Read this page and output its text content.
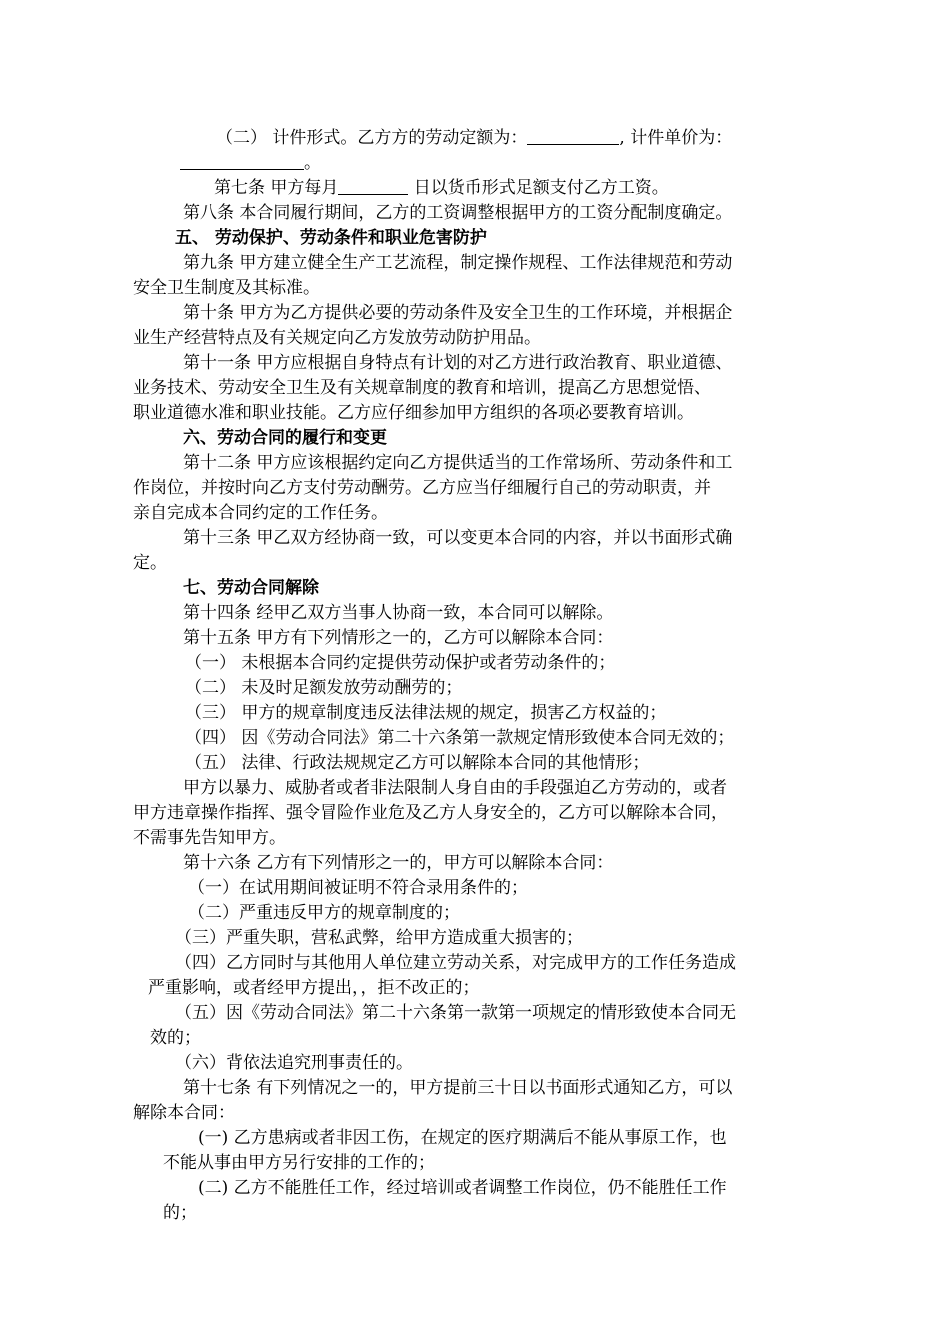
（二） 计件形式。乙方方的劳动定额为：	, 计件单价为：
。
第七条 甲方每月	日以货币形式足额支付乙方工资。
第八条 本合同履行期间，乙方的工资调整根据甲方的工资分配制度确定。
五、 劳动保护、劳动条件和职业危害防护
第九条 甲方建立健全生产工艺流程，制定操作规程、工作法律规范和劳动
安全卫生制度及其标准。
第十条 甲方为乙方提供必要的劳动条件及安全卫生的工作环境，并根据企
业生产经营特点及有关规定向乙方发放劳动防护用品。
第十一条 甲方应根据自身特点有计划的对乙方进行政治教育、职业道德、
业务技术、劳动安全卫生及有关规章制度的教育和培训，提高乙方思想觉悟、
职业道德水准和职业技能。乙方应仔细参加甲方组织的各项必要教育培训。
六、劳动合同的履行和变更
第十二条 甲方应该根据约定向乙方提供适当的工作常场所、劳动条件和工
作岗位，并按时向乙方支付劳动酬劳。乙方应当仔细履行自己的劳动职责，并
亲自完成本合同约定的工作任务。
第十三条 甲乙双方经协商一致，可以变更本合同的内容，并以书面形式确
定。
七、劳动合同解除
第十四条 经甲乙双方当事人协商一致，本合同可以解除。
第十五条 甲方有下列情形之一的，乙方可以解除本合同：
（一） 未根据本合同约定提供劳动保护或者劳动条件的；
（二） 未及时足额发放劳动酬劳的；
（三） 甲方的规章制度违反法律法规的规定，损害乙方权益的；
（四） 因《劳动合同法》第二十六条第一款规定情形致使本合同无效的；
（五） 法律、行政法规规定乙方可以解除本合同的其他情形；
甲方以暴力、威胁者或者非法限制人身自由的手段强迫乙方劳动的，或者
甲方违章操作指挥、强令冒险作业危及乙方人身安全的，乙方可以解除本合同，
不需事先告知甲方。
第十六条 乙方有下列情形之一的，甲方可以解除本合同：
（一）在试用期间被证明不符合录用条件的；
（二）严重违反甲方的规章制度的；
（三）严重失职，营私武弊，给甲方造成重大损害的；
（四）乙方同时与其他用人单位建立劳动关系，对完成甲方的工作任务造成
严重影响，或者经甲方提出，，拒不改正的；
（五）因《劳动合同法》第二十六条第一款第一项规定的情形致使本合同无
效的；
（六）背依法追究刑事责任的。
第十七条 有下列情况之一的，甲方提前三十日以书面形式通知乙方，可以
解除本合同：
(一) 乙方患病或者非因工伤，在规定的医疗期满后不能从事原工作，也
不能从事由甲方另行安排的工作的；
(二) 乙方不能胜任工作，经过培训或者调整工作岗位，仍不能胜任工作
的；
